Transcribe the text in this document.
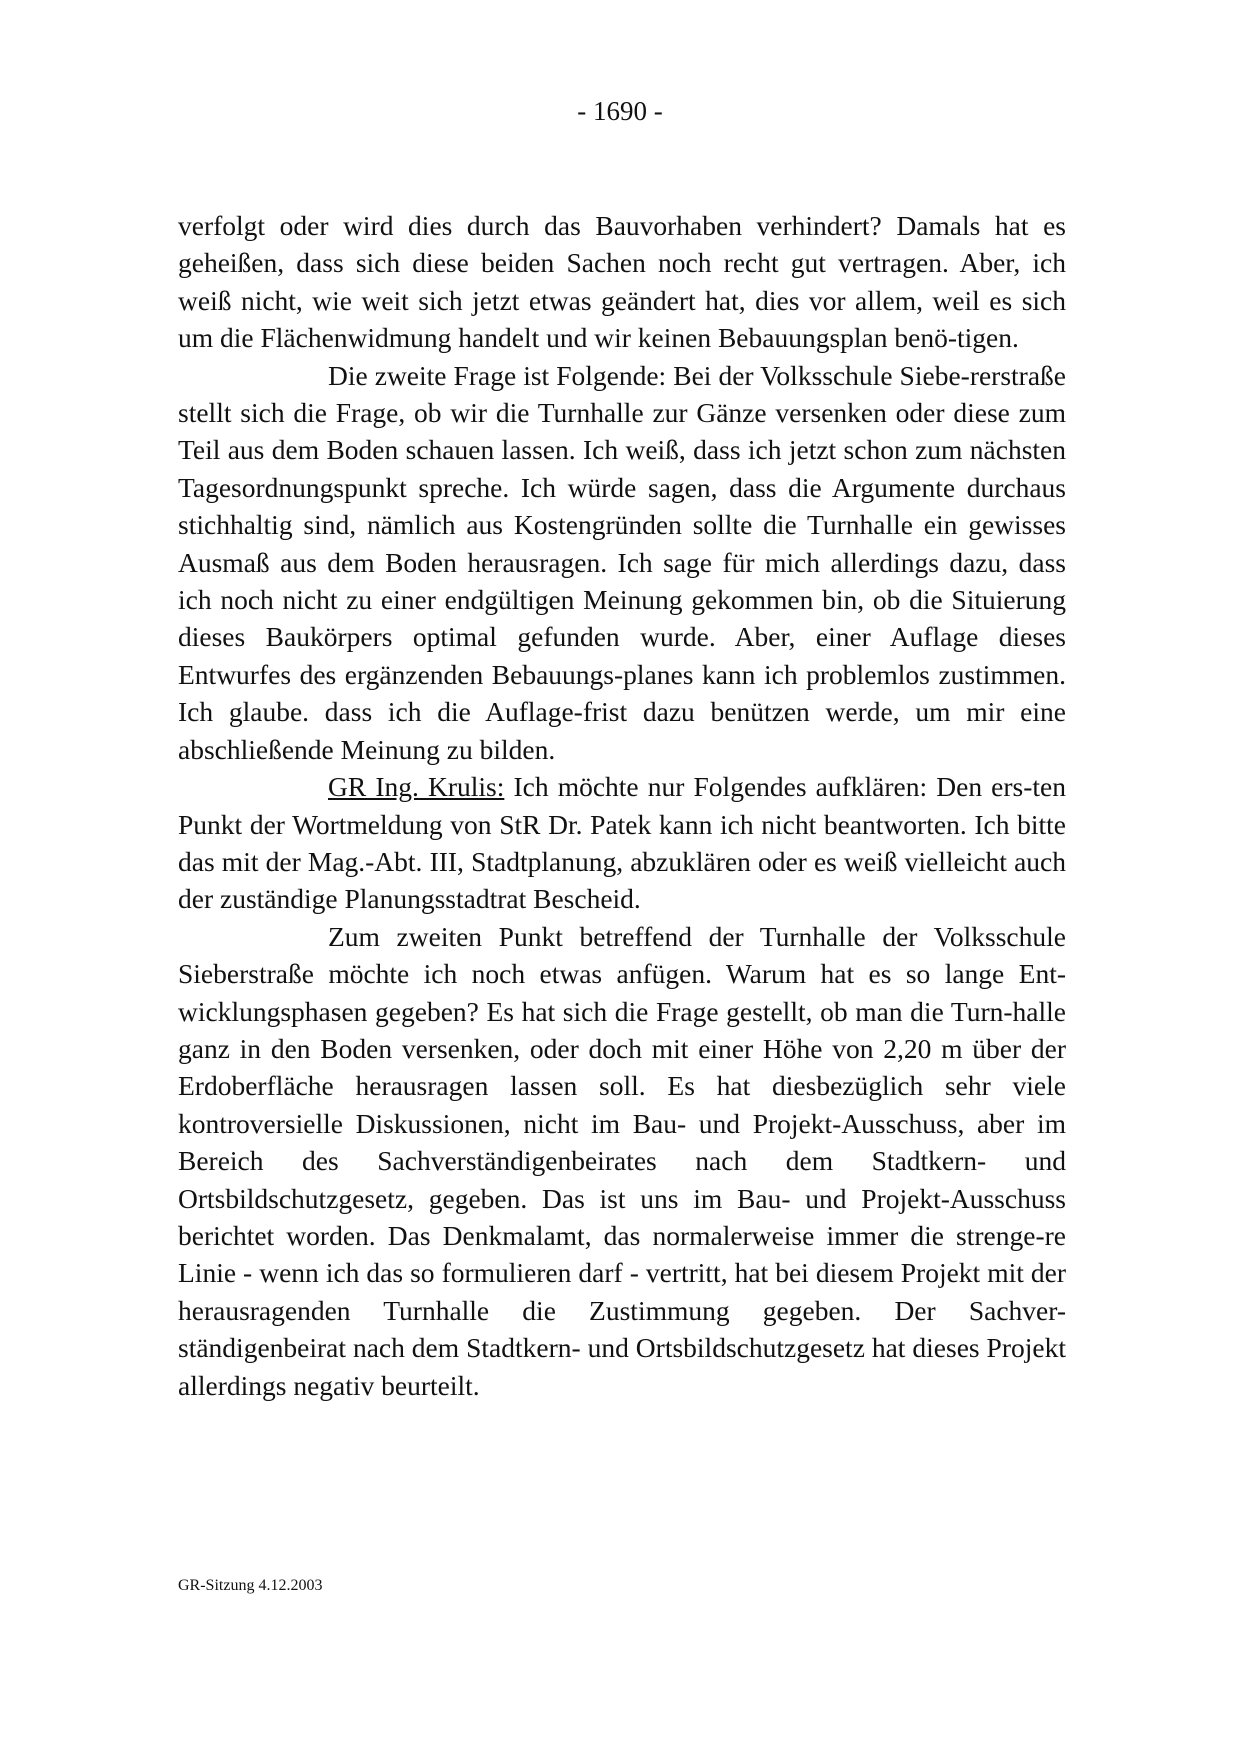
- 1690 -

verfolgt oder wird dies durch das Bauvorhaben verhindert? Damals hat es geheißen, dass sich diese beiden Sachen noch recht gut vertragen. Aber, ich weiß nicht, wie weit sich jetzt etwas geändert hat, dies vor allem, weil es sich um die Flächenwidmung handelt und wir keinen Bebauungsplan benö-tigen.

Die zweite Frage ist Folgende: Bei der Volksschule Siebe-rerstraße stellt sich die Frage, ob wir die Turnhalle zur Gänze versenken oder diese zum Teil aus dem Boden schauen lassen. Ich weiß, dass ich jetzt schon zum nächsten Tagesordnungspunkt spreche. Ich würde sagen, dass die Argumente durchaus stichhaltig sind, nämlich aus Kostengründen sollte die Turnhalle ein gewisses Ausmaß aus dem Boden herausragen. Ich sage für mich allerdings dazu, dass ich noch nicht zu einer endgültigen Meinung gekommen bin, ob die Situierung dieses Baukörpers optimal gefunden wurde. Aber, einer Auflage dieses Entwurfes des ergänzenden Bebauungs-planes kann ich problemlos zustimmen. Ich glaube. dass ich die Auflage-frist dazu benützen werde, um mir eine abschließende Meinung zu bilden.

GR Ing. Krulis: Ich möchte nur Folgendes aufklären: Den ers-ten Punkt der Wortmeldung von StR Dr. Patek kann ich nicht beantworten. Ich bitte das mit der Mag.-Abt. III, Stadtplanung, abzuklären oder es weiß vielleicht auch der zuständige Planungsstadtrat Bescheid.

Zum zweiten Punkt betreffend der Turnhalle der Volksschule Sieberstraße möchte ich noch etwas anfügen. Warum hat es so lange Ent-wicklungsphasen gegeben? Es hat sich die Frage gestellt, ob man die Turn-halle ganz in den Boden versenken, oder doch mit einer Höhe von 2,20 m über der Erdoberfläche herausragen lassen soll. Es hat diesbezüglich sehr viele kontroversielle Diskussionen, nicht im Bau- und Projekt-Ausschuss, aber im Bereich des Sachverständigenbeirates nach dem Stadtkern- und Ortsbildschutzgesetz, gegeben. Das ist uns im Bau- und Projekt-Ausschuss berichtet worden. Das Denkmalamt, das normalerweise immer die strenge-re Linie - wenn ich das so formulieren darf - vertritt, hat bei diesem Projekt mit der herausragenden Turnhalle die Zustimmung gegeben. Der Sachver-ständigenbeirat nach dem Stadtkern- und Ortsbildschutzgesetz hat dieses Projekt allerdings negativ beurteilt.

GR-Sitzung 4.12.2003
